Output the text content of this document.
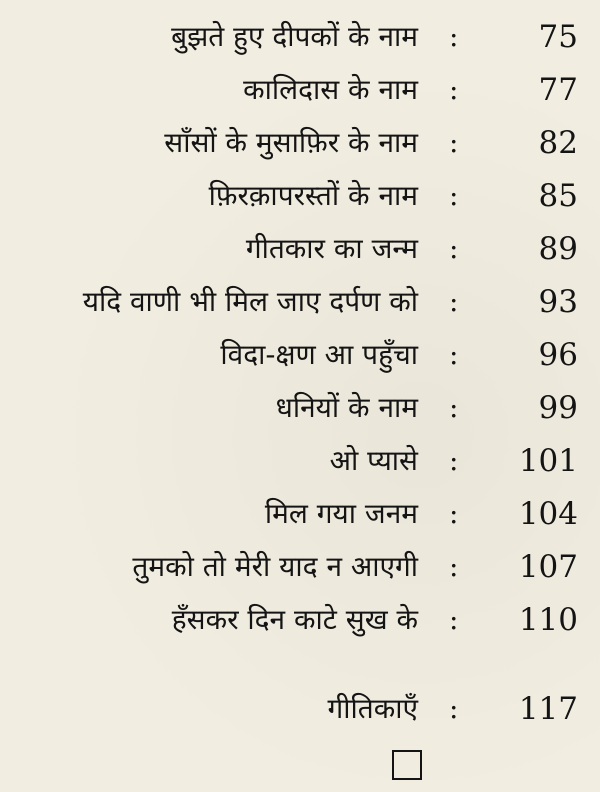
बुझते हुए दीपकों के नाम :	75
कालिदास के नाम :	77
साँसों के मुसाफ़िर के नाम :	82
फ़िरक़ापरस्तों के नाम :	85
गीतकार का जन्म :	89
यदि वाणी भी मिल जाए दर्पण को :	93
विदा-क्षण आ पहुँचा :	96
धनियों के नाम :	99
ओ प्यासे : 101
मिल गया जनम : 104
तुमको तो मेरी याद न आएगी : 107
हँसकर दिन काटे सुख के : 110
गीतिकाएँ : 117
